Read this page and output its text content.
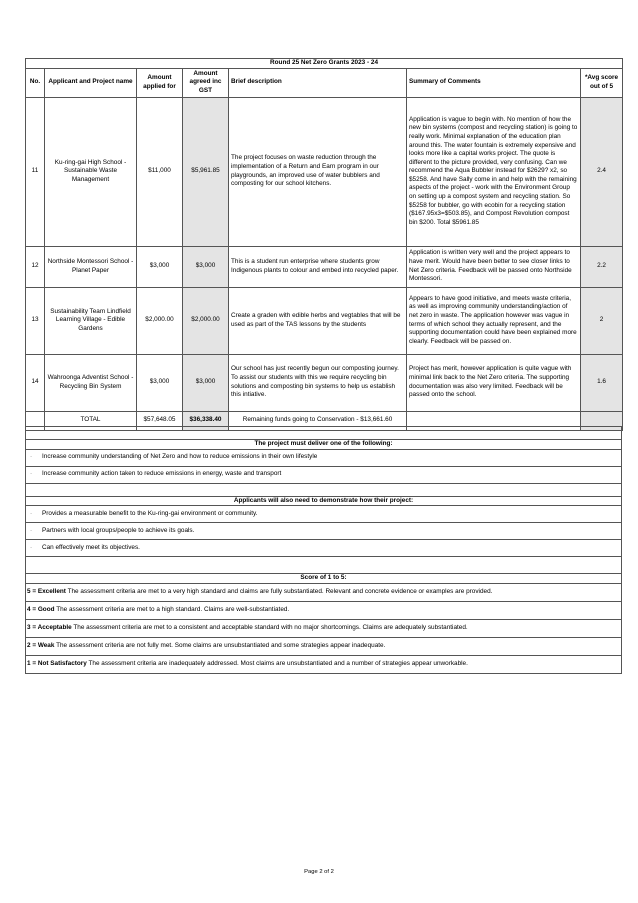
Round 25 Net Zero Grants 2023 - 24						
No.	Applicant and Project name	Amount applied for	Amount agreed inc GST	Brief description	Summary of Comments	*Avg score out of 5
11	Ku-ring-gai High School - Sustainable Waste Management	$11,000	$5,961.85	The project focuses on waste reduction through the implementation of a Return and Earn program in our playgrounds, an improved use of water bubblers and composting for our school kitchens.	Application is vague to begin with. No mention of how the new bin systems (compost and recycling station) is going to really work. Minimal explanation of the education plan around this. The water fountain is extremely expensive and looks more like a capital works project. The quote is different to the picture provided, very confusing. Can we recommend the Aqua Bubbler instead for $2629? x2, so $5258. And have Sally come in and help with the remaining aspects of the project - work with the Environment Group on setting up a compost system and recycling station. So $5258 for bubbler, go with ecobin for a recycling station ($167.95x3=$503.85), and Compost Revolution compost bin $200. Total $5961.85	2.4
12	Northside Montessori School - Planet Paper	$3,000	$3,000	This is a student run enterprise where students grow Indigenous plants to colour and embed into recycled paper.	Application is written very well and the project appears to have merit. Would have been better to see closer links to Net Zero criteria. Feedback will be passed onto Northside Montessori.	2.2
13	Sustainability Team Lindfield Learning Village - Edible Gardens	$2,000.00	$2,000.00	Create a graden with edible herbs and vegtables that will be used as part of the TAS lessons by the students	Appears to have good initiative, and meets waste criteria, as well as improving community understanding/action of net zero in waste. The application however was vague in terms of which school they actually represent, and the supporting documentation could have been explained more clearly. Feedback will be passed on.	2
14	Wahroonga Adventist School - Recycling Bin System	$3,000	$3,000	Our school has just recently begun our composting journey. To assist our students with this we require recycling bin solutions and composting bin systems to help us establish this intiative.	Project has merit, however application is quite vague with minimal link back to the Net Zero criteria. The supporting documentation was also very limited. Feedback will be passed onto the school.	1.6
	TOTAL	$57,648.05	$36,338.40	Remaining funds going to Conservation - $13,661.60		

The project must deliver one of the following:
· Increase community understanding of Net Zero and how to reduce emissions in their own lifestyle
· Increase community action taken to reduce emissions in energy, waste and transport

Applicants will also need to demonstrate how their project:
· Provides a measurable benefit to the Ku-ring-gai environment or community.
· Partners with local groups/people to achieve its goals.
· Can effectively meet its objectives.

Score of 1 to 5:
5 = Excellent The assessment criteria are met to a very high standard and claims are fully substantiated. Relevant and concrete evidence or examples are provided.
4 = Good The assessment criteria are met to a high standard. Claims are well-substantiated.
3 = Acceptable The assessment criteria are met to a consistent and acceptable standard with no major shortcomings. Claims are adequately substantiated.
2 = Weak The assessment criteria are not fully met. Some claims are unsubstantiated and some strategies appear inadequate.
1 = Not Satisfactory The assessment criteria are inadequately addressed. Most claims are unsubstantiated and a number of strategies appear unworkable.
Page 2 of 2
